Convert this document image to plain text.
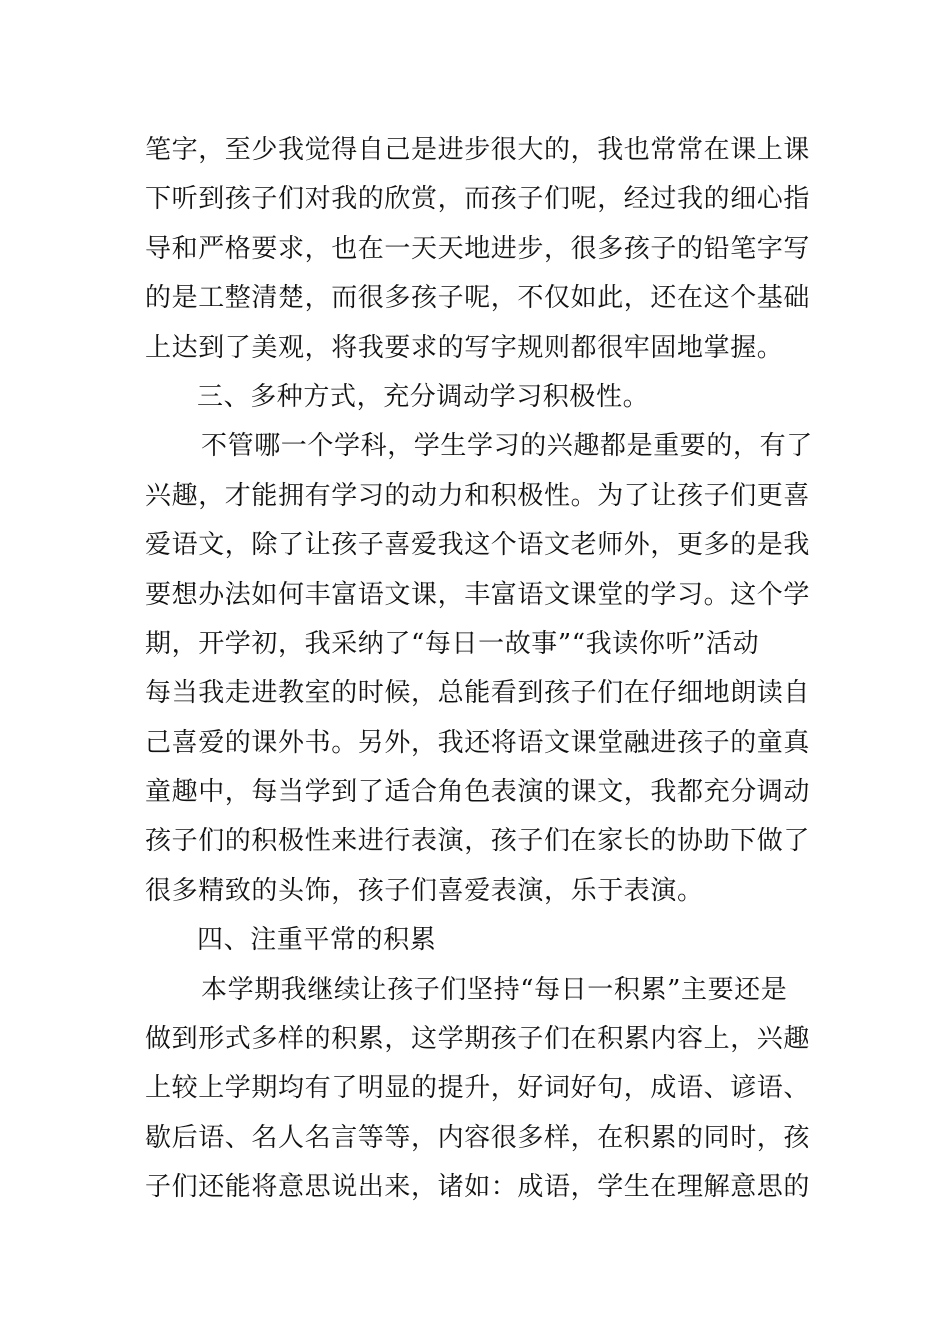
笔字，至少我觉得自己是进步很大的，我也常常在课上课
下听到孩子们对我的欣赏，而孩子们呢，经过我的细心指
导和严格要求，也在一天天地进步，很多孩子的铅笔字写
的是工整清楚，而很多孩子呢，不仅如此，还在这个基础
上达到了美观，将我要求的写字规则都很牢固地掌握。
三、多种方式，充分调动学习积极性。
不管哪一个学科，学生学习的兴趣都是重要的，有了
兴趣，才能拥有学习的动力和积极性。为了让孩子们更喜
爱语文，除了让孩子喜爱我这个语文老师外，更多的是我
要想办法如何丰富语文课，丰富语文课堂的学习。这个学
期，开学初，我采纳了“每日一故事”“我读你听”活动
每当我走进教室的时候，总能看到孩子们在仔细地朗读自
己喜爱的课外书。另外，我还将语文课堂融进孩子的童真
童趣中，每当学到了适合角色表演的课文，我都充分调动
孩子们的积极性来进行表演，孩子们在家长的协助下做了
很多精致的头饰，孩子们喜爱表演，乐于表演。
四、注重平常的积累
本学期我继续让孩子们坚持“每日一积累”主要还是
做到形式多样的积累，这学期孩子们在积累内容上，兴趣
上较上学期均有了明显的提升，好词好句，成语、谚语、
歇后语、名人名言等等，内容很多样，在积累的同时，孩
子们还能将意思说出来，诸如：成语，学生在理解意思的
